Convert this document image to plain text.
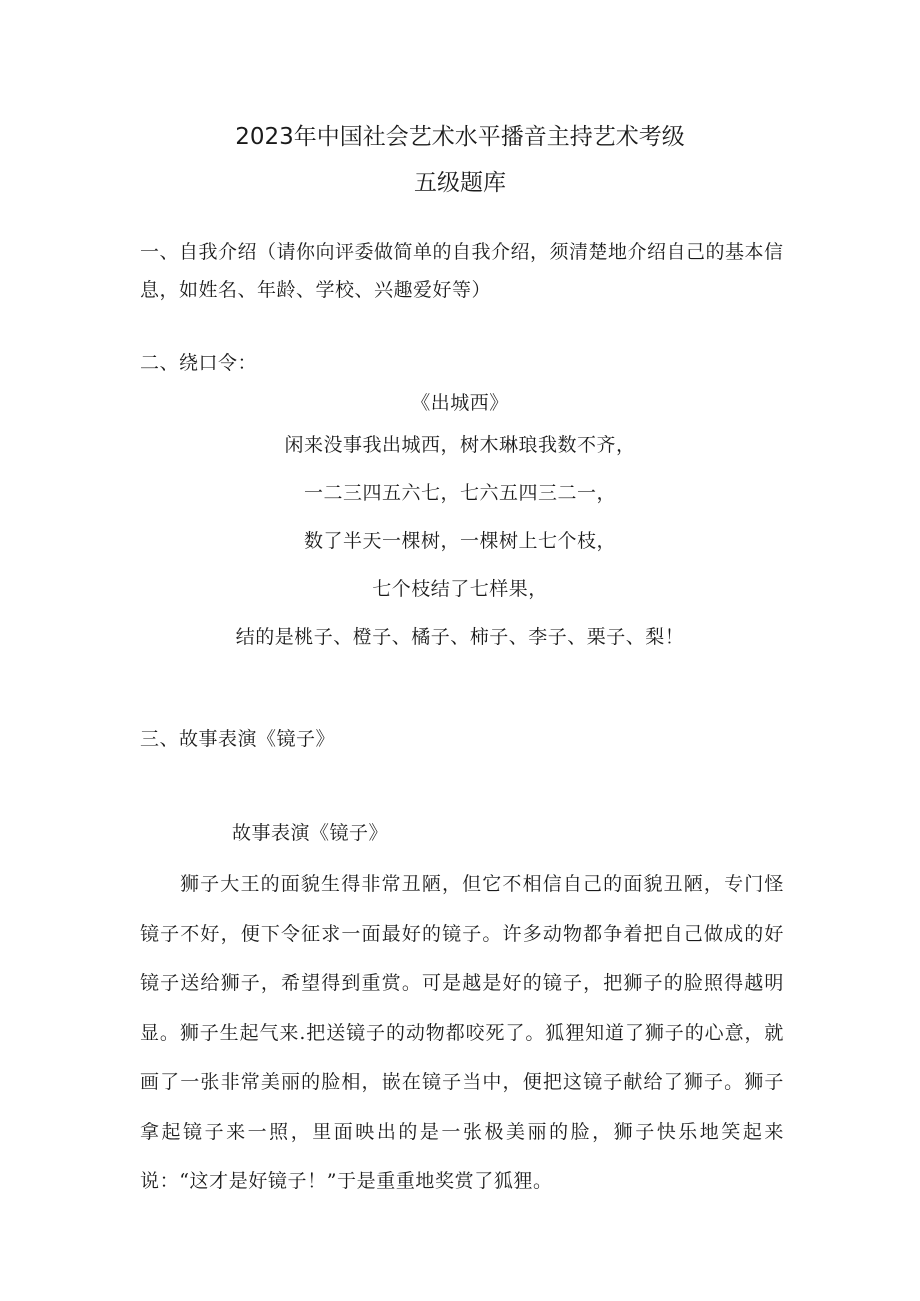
2023年中国社会艺术水平播音主持艺术考级
五级题库
一、自我介绍（请你向评委做简单的自我介绍，须清楚地介绍自己的基本信息，如姓名、年龄、学校、兴趣爱好等）
二、绕口令：
《出城西》
闲来没事我出城西，树木琳琅我数不齐，
一二三四五六七，七六五四三二一，
数了半天一棵树，一棵树上七个枝，
七个枝结了七样果，
结的是桃子、橙子、橘子、柿子、李子、栗子、梨！
三、故事表演《镜子》
故事表演《镜子》
狮子大王的面貌生得非常丑陋，但它不相信自己的面貌丑陋，专门怪镜子不好，便下令征求一面最好的镜子。许多动物都争着把自己做成的好镜子送给狮子，希望得到重赏。可是越是好的镜子，把狮子的脸照得越明显。狮子生起气来.把送镜子的动物都咬死了。狐狸知道了狮子的心意，就画了一张非常美丽的脸相，嵌在镜子当中，便把这镜子献给了狮子。狮子拿起镜子来一照，里面映出的是一张极美丽的脸，狮子快乐地笑起来说：“这才是好镜子！”于是重重地奖赏了狐狸。
